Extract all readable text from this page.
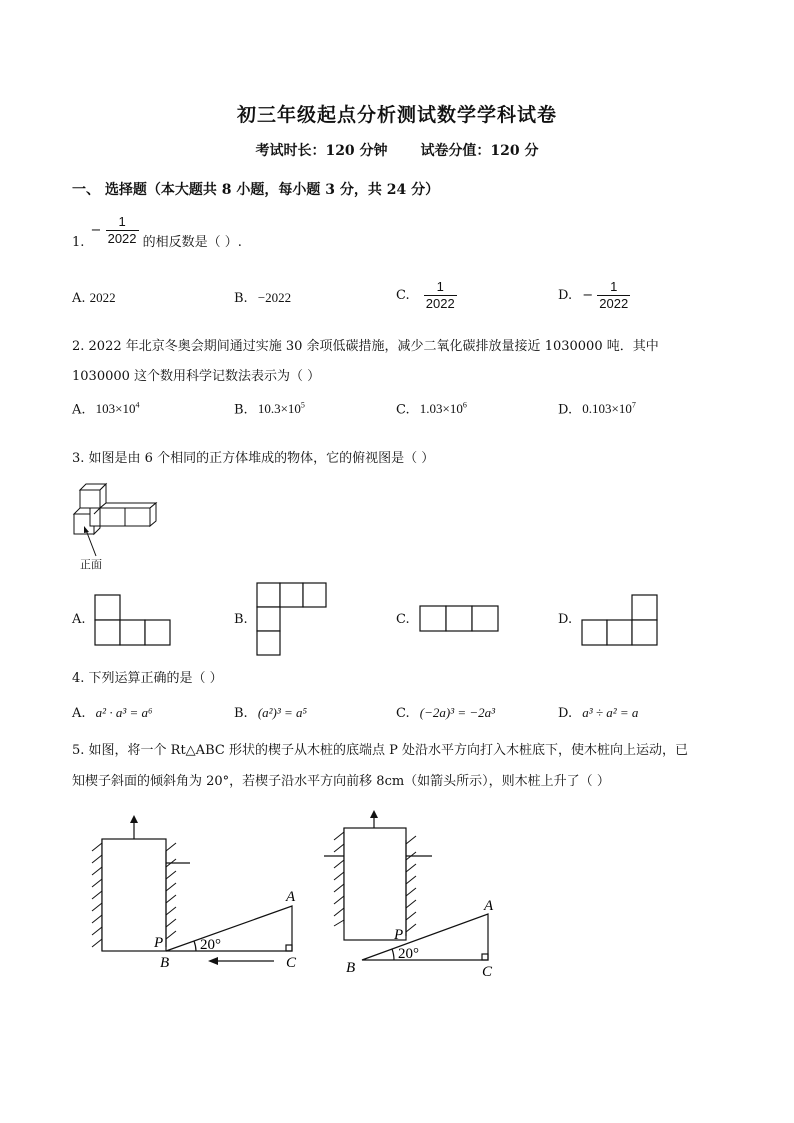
初三年级起点分析测试数学学科试卷
考试时长：120 分钟 试卷分值：120 分
一、 选择题（本大题共 8 小题，每小题 3 分，共 24 分）
1. − $\frac{1}{2022}$ 的相反数是（ ）.
A. 2022	B. −2022	C. $\frac{1}{2022}$	D. − $\frac{1}{2022}$
2. 2022 年北京冬奥会期间通过实施 30 余项低碳措施，减少二氧化碳排放量接近 1030000 吨．其中
1030000 这个数用科学记数法表示为（ ）
A. $103\times 10^4$	B. $10.3\times 10^5$	C. $1.03\times 10^6$	D. $0.103\times 10^7$
3. 如图是由 6 个相同的正方体堆成的物体，它的俯视图是（ ）
正面
A.	B.	C.	D.
4. 下列运算正确的是（ ）
A. a² · a³ = a⁶	B. (a²)³ = a⁵	C. (−2a)³ = −2a³	D. a³ ÷ a² = a
5. 如图，将一个 Rt△ABC 形状的楔子从木桩的底端点 P 处沿水平方向打入木桩底下，使木桩向上运动，已
知楔子斜面的倾斜角为 20°，若楔子沿水平方向前移 8cm（如箭头所示），则木桩上升了（ ）
A
P
B	C
20°
A
P
B	C
20°
